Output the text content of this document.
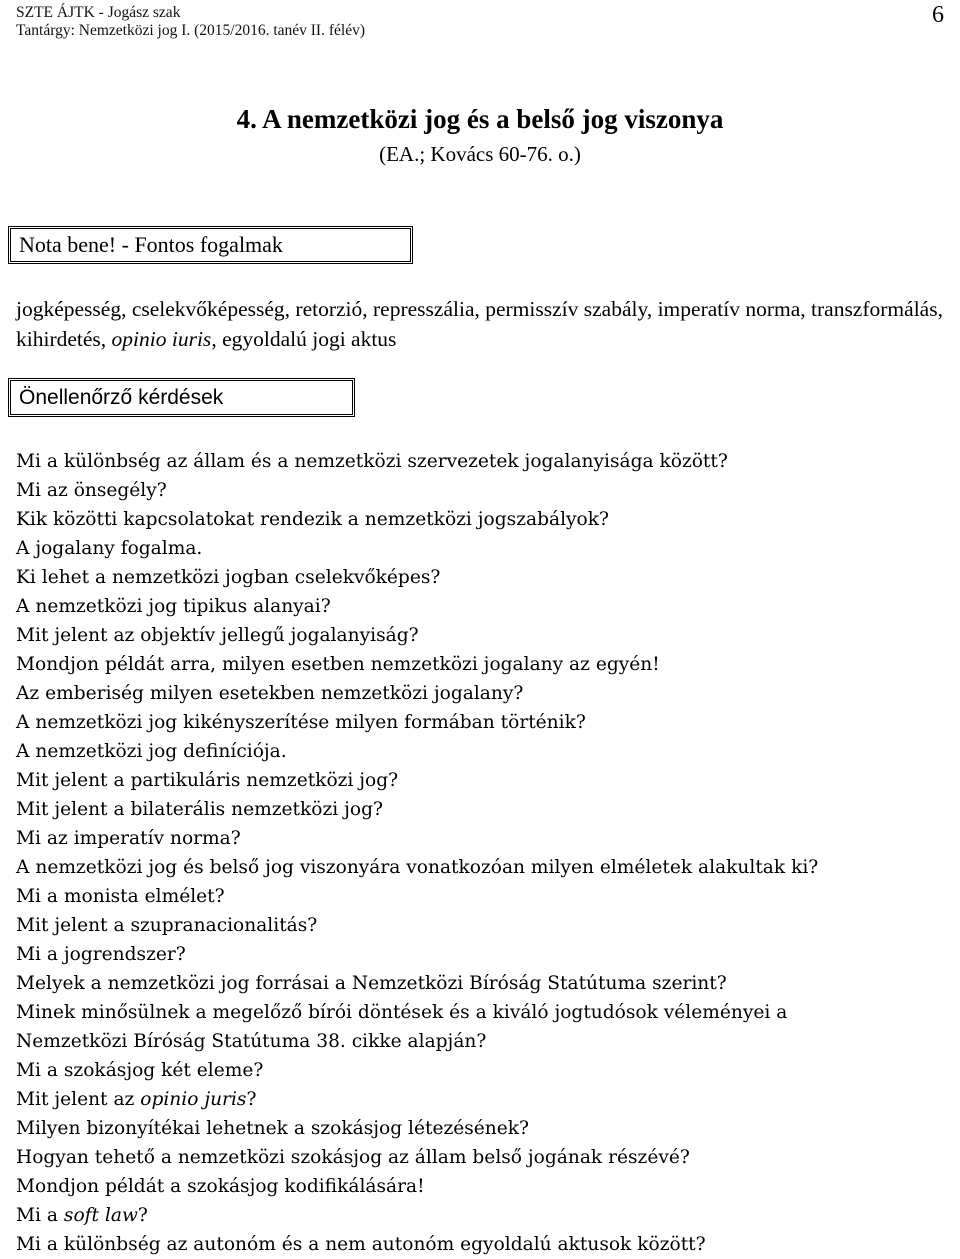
SZTE ÁJTK - Jogász szak
Tantárgy: Nemzetközi jog I. (2015/2016. tanév II. félév)
6
4. A nemzetközi jog és a belső jog viszonya
(EA.; Kovács 60-76. o.)
Nota bene! - Fontos fogalmak
jogképesség, cselekvőképesség, retorzió, represszália, permisszív szabály, imperatív norma, transzformálás, kihirdetés, opinio iuris, egyoldalú jogi aktus
Önellenőrző kérdések
Mi a különbség az állam és a nemzetközi szervezetek jogalanyisága között?
Mi az önsegély?
Kik közötti kapcsolatokat rendezik a nemzetközi jogszabályok?
A jogalany fogalma.
Ki lehet a nemzetközi jogban cselekvőképes?
A nemzetközi jog tipikus alanyai?
Mit jelent az objektív jellegű jogalanyiság?
Mondjon példát arra, milyen esetben nemzetközi jogalany az egyén!
Az emberiség milyen esetekben nemzetközi jogalany?
A nemzetközi jog kikényszerítése milyen formában történik?
A nemzetközi jog definíciója.
Mit jelent a partikuláris nemzetközi jog?
Mit jelent a bilaterális nemzetközi jog?
Mi az imperatív norma?
A nemzetközi jog és belső jog viszonyára vonatkozóan milyen elméletek alakultak ki?
Mi a monista elmélet?
Mit jelent a szupranacionalitás?
Mi a jogrendszer?
Melyek a nemzetközi jog forrásai a Nemzetközi Bíróság Statútuma szerint?
Minek minősülnek a megelőző bírói döntések és a kiváló jogtudósok véleményei a
Nemzetközi Bíróság Statútuma 38. cikke alapján?
Mi a szokásjog két eleme?
Mit jelent az opinio juris?
Milyen bizonyítékai lehetnek a szokásjog létezésének?
Hogyan tehető a nemzetközi szokásjog az állam belső jogának részévé?
Mondjon példát a szokásjog kodifikálására!
Mi a soft law?
Mi a különbség az autonóm és a nem autonóm egyoldalú aktusok között?
